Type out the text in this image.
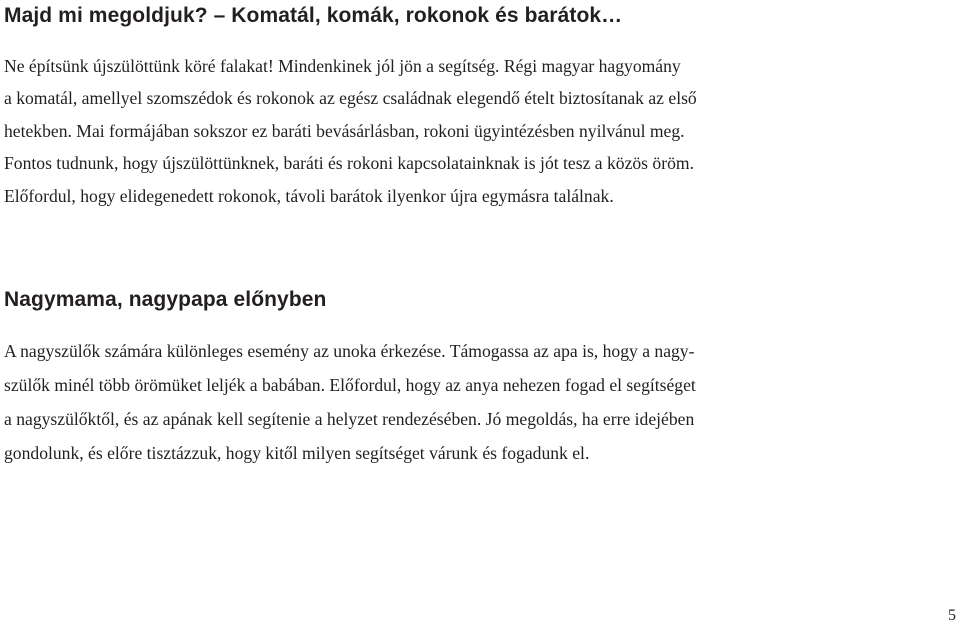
Majd mi megoldjuk? – Komatál, komák, rokonok és barátok…

Ne építsünk újszülöttünk köré falakat! Mindenkinek jól jön a segítség. Régi magyar hagyomány
a komatál, amellyel szomszédok és rokonok az egész családnak elegendő ételt biztosítanak az első
hetekben. Mai formájában sokszor ez baráti bevásárlásban, rokoni ügyintézésben nyilvánul meg.
Fontos tudnunk, hogy újszülöttünknek, baráti és rokoni kapcsolatainknak is jót tesz a közös öröm.
Előfordul, hogy elidegenedett rokonok, távoli barátok ilyenkor újra egymásra találnak.

Nagymama, nagypapa előnyben

A nagyszülők számára különleges esemény az unoka érkezése. Támogassa az apa is, hogy a nagy-
szülők minél több örömüket leljék a babában. Előfordul, hogy az anya nehezen fogad el segítséget
a nagyszülőktől, és az apának kell segítenie a helyzet rendezésében. Jó megoldás, ha erre idejében
gondolunk, és előre tisztázzuk, hogy kitől milyen segítséget várunk és fogadunk el.

5
